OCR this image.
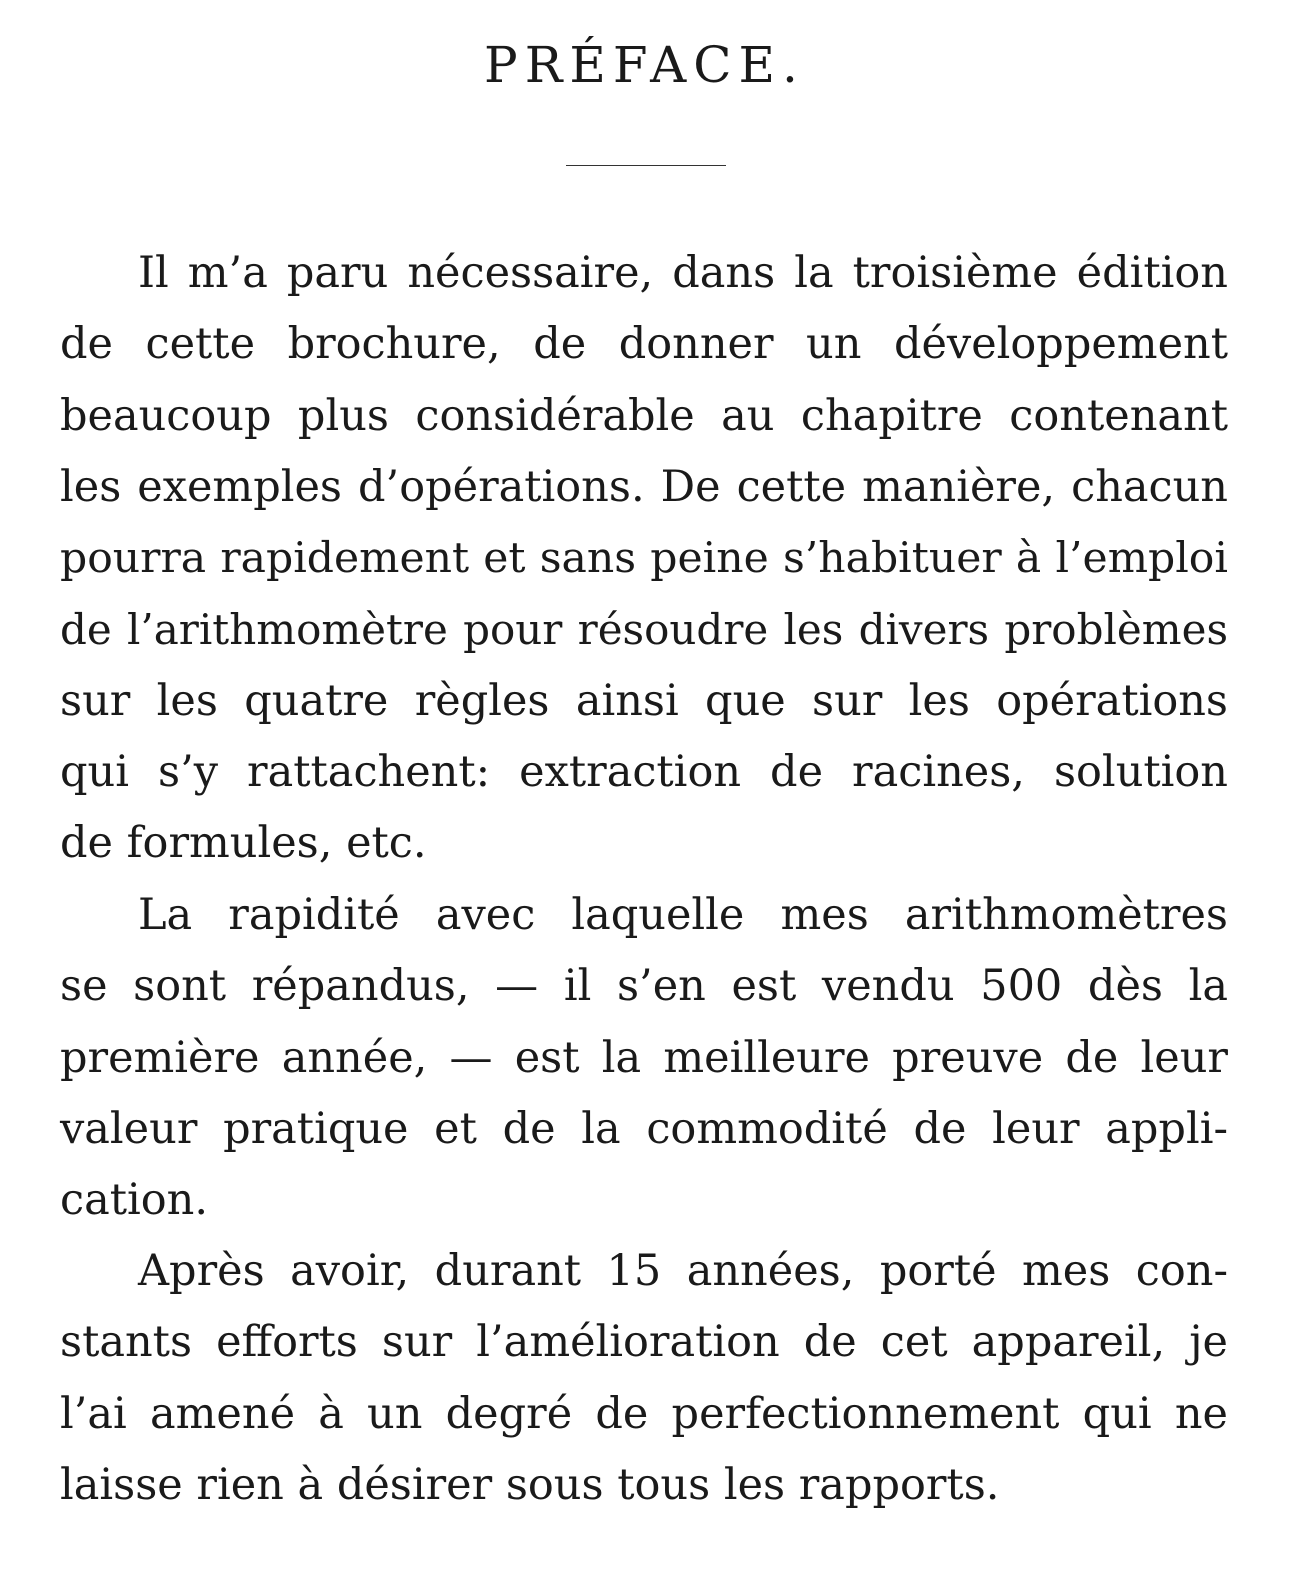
PRÉFACE.
Il m’a paru nécessaire, dans la troisième édition
de cette brochure, de donner un développement
beaucoup plus considérable au chapitre contenant
les exemples d’opérations. De cette manière, chacun
pourra rapidement et sans peine s’habituer à l’emploi
de l’arithmomètre pour résoudre les divers problèmes
sur les quatre règles ainsi que sur les opérations
qui s’y rattachent: extraction de racines, solution
de formules, etc.
La rapidité avec laquelle mes arithmomètres
se sont répandus, — il s’en est vendu 500 dès la
première année, — est la meilleure preuve de leur
valeur pratique et de la commodité de leur appli-
cation.
Après avoir, durant 15 années, porté mes con-
stants efforts sur l’amélioration de cet appareil, je
l’ai amené à un degré de perfectionnement qui ne
laisse rien à désirer sous tous les rapports.
